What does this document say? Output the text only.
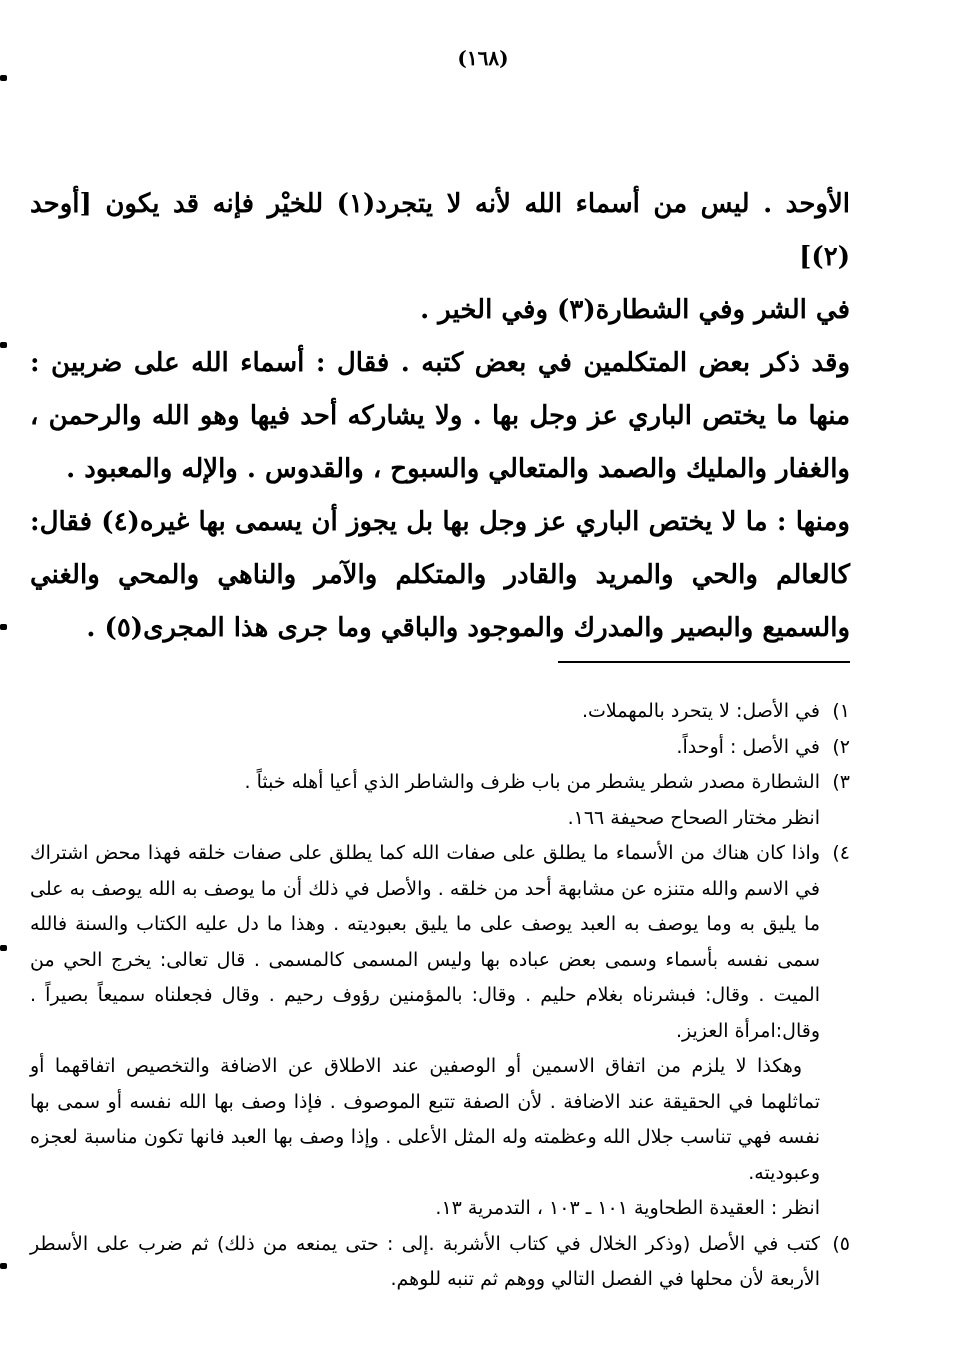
(١٦٨)

الأوحد . ليس من أسماء الله لأنه لا يتجرد(١) للخيْر فإنه قد يكون [أوحد (٢)]

في الشر وفي الشطارة(٣) وفي الخير .

وقد ذكر بعض المتكلمين في بعض كتبه . فقال : أسماء الله على ضربين : منها ما يختص الباري عز وجل بها . ولا يشاركه أحد فيها وهو الله والرحمن ، والغفار والمليك والصمد والمتعالي والسبوح ، والقدوس . والإله والمعبود .

ومنها : ما لا يختص الباري عز وجل بها بل يجوز أن يسمى بها غيره(٤) فقال: كالعالم والحي والمريد والقادر والمتكلم والآمر والناهي والمحي والغني والسميع والبصير والمدرك والموجود والباقي وما جرى هذا المجرى(٥) .

١)

في الأصل: لا يتحرد بالمهملات.

٢)

في الأصل : أوحداً.

٣)

الشطارة مصدر شطر يشطر من باب ظرف والشاطر الذي أعيا أهله خبثاً .

انظر مختار الصحاح صحيفة ١٦٦.

٤)

واذا كان هناك من الأسماء ما يطلق على صفات الله كما يطلق على صفات خلقه فهذا محض اشتراك في الاسم والله متنزه عن مشابهة أحد من خلقه . والأصل في ذلك أن ما يوصف به الله يوصف به على ما يليق به وما يوصف به العبد يوصف على ما يليق بعبوديته . وهذا ما دل عليه الكتاب والسنة فالله سمى نفسه بأسماء وسمى بعض عباده بها وليس المسمى كالمسمى . قال تعالى: يخرج الحي من الميت . وقال: فبشرناه بغلام حليم . وقال: بالمؤمنين رؤوف رحيم . وقال فجعلناه سميعاً بصيراً . وقال:امرأة العزيز.

وهكذا لا يلزم من اتفاق الاسمين أو الوصفين عند الاطلاق عن الاضافة والتخصيص اتفاقهما أو تماثلهما في الحقيقة عند الاضافة . لأن الصفة تتبع الموصوف . فإذا وصف بها الله نفسه أو سمى بها نفسه فهي تناسب جلال الله وعظمته وله المثل الأعلى . وإذا وصف بها العبد فانها تكون مناسبة لعجزه وعبوديته.

انظر : العقيدة الطحاوية ١٠١ ـ ١٠٣ ، التدمرية ١٣.

٥)

كتب في الأصل (وذكر الخلال في كتاب الأشربة .إلى : حتى يمنعه من ذلك) ثم ضرب على الأسطر الأربعة لأن محلها في الفصل التالي ووهم ثم تنبه للوهم.
